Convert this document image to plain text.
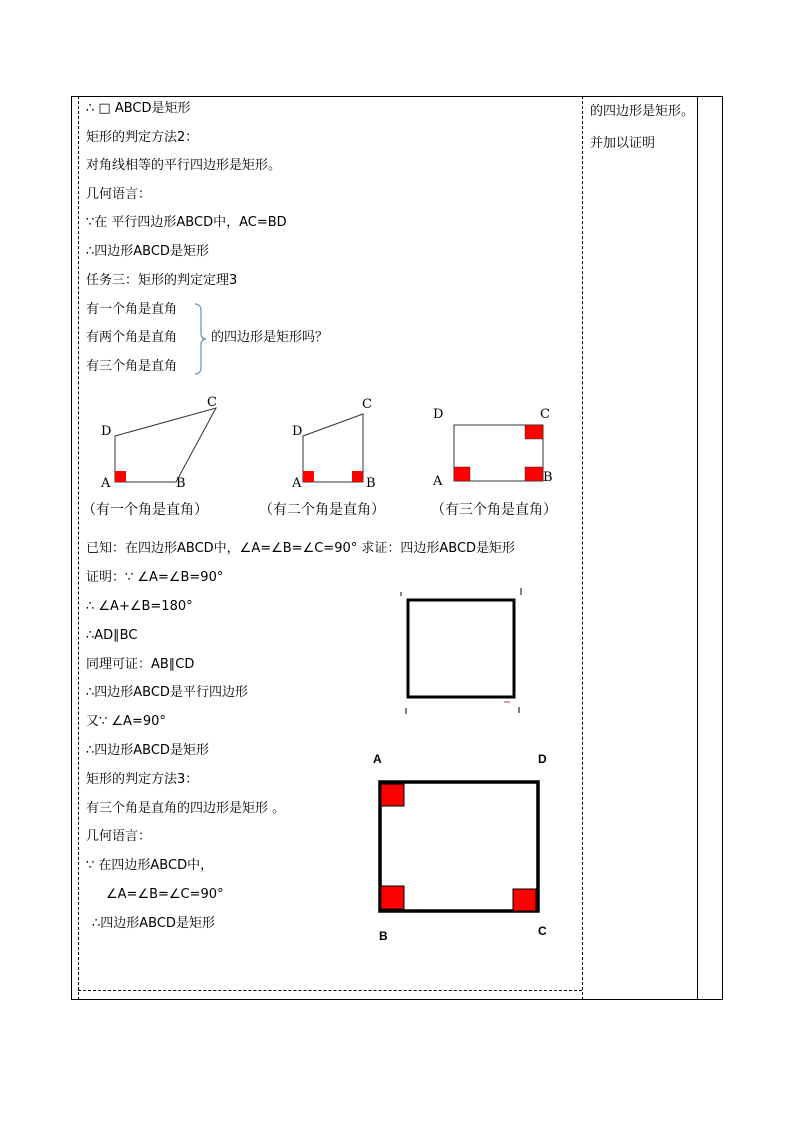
∴ □ ABCD是矩形
矩形的判定方法2：
对角线相等的平行四边形是矩形。
几何语言：
∵在 平行四边形ABCD中，AC=BD
∴四边形ABCD是矩形
任务三：矩形的判定定理3
有一个角是直角
有两个角是直角
有三个角是直角
的四边形是矩形吗？
A	B
C
D
A	B
C
D
A	B
C
D
（有一个角是直角）	（有二个角是直角）	（有三个角是直角）
已知：在四边形ABCD中，∠A=∠B=∠C=90° 求证：四边形ABCD是矩形
证明：∵ ∠A=∠B=90°
∴ ∠A+∠B=180°
∴AD∥BC
同理可证：AB∥CD
∴四边形ABCD是平行四边形
又∵ ∠A=90°
∴四边形ABCD是矩形
矩形的判定方法3：
有三个角是直角的四边形是矩形 。
几何语言：
∵ 在四边形ABCD中，
∠A=∠B=∠C=90°
∴四边形ABCD是矩形
A	D
B	C
的四边形是矩形。
并加以证明
